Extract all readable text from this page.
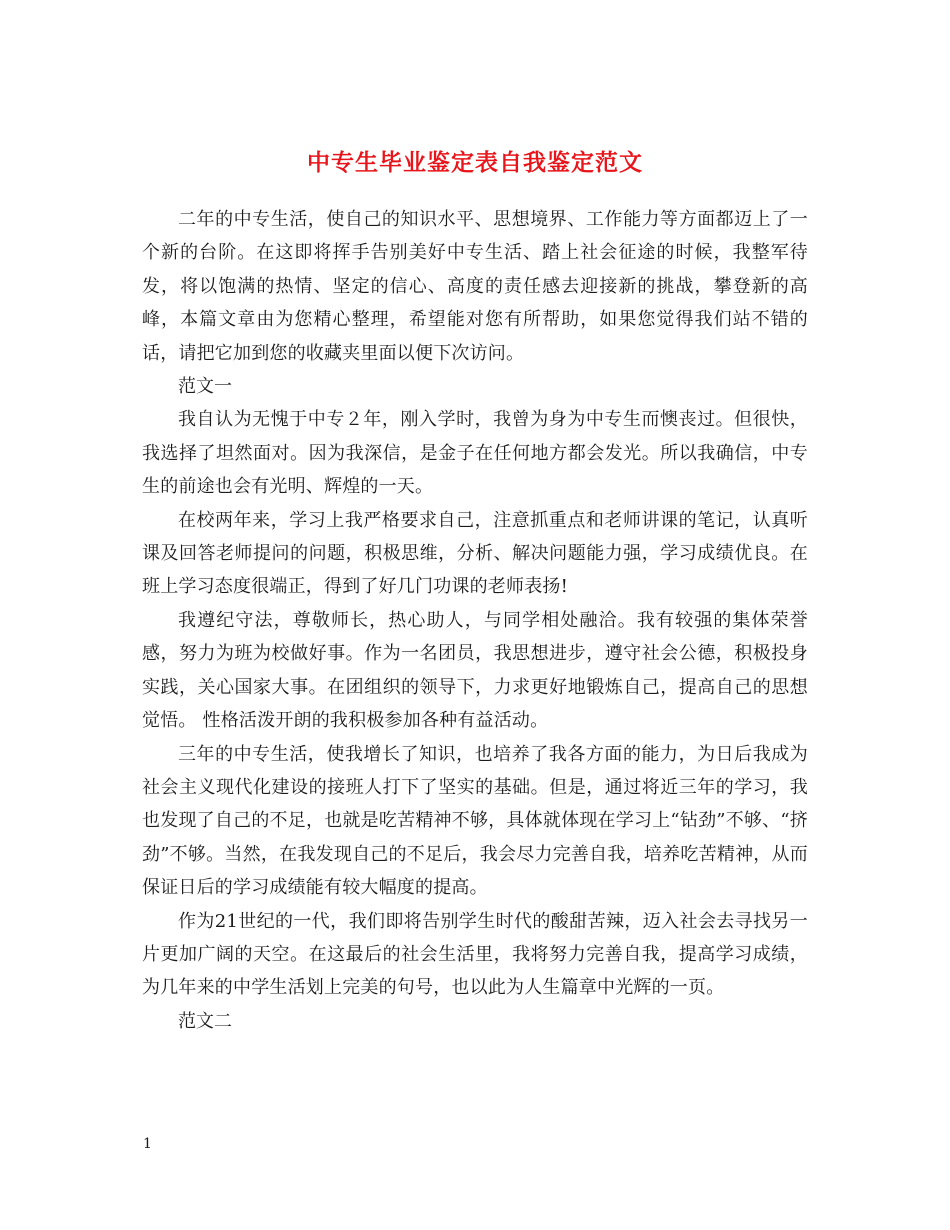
中专生毕业鉴定表自我鉴定范文

二年的中专生活，使自己的知识水平、思想境界、工作能力等方面都迈上了一个新的台阶。在这即将挥手告别美好中专生活、踏上社会征途的时候，我整军待发，将以饱满的热情、坚定的信心、高度的责任感去迎接新的挑战，攀登新的高峰，本篇文章由为您精心整理，希望能对您有所帮助，如果您觉得我们站不错的话，请把它加到您的收藏夹里面以便下次访问。

范文一

我自认为无愧于中专２年，刚入学时，我曾为身为中专生而懊丧过。但很快，我选择了坦然面对。因为我深信，是金子在任何地方都会发光。所以我确信，中专生的前途也会有光明、辉煌的一天。

在校两年来，学习上我严格要求自己，注意抓重点和老师讲课的笔记，认真听课及回答老师提问的问题，积极思维，分析、解决问题能力强，学习成绩优良。在班上学习态度很端正，得到了好几门功课的老师表扬!

我遵纪守法，尊敬师长，热心助人，与同学相处融洽。我有较强的集体荣誉感，努力为班为校做好事。作为一名团员，我思想进步，遵守社会公德，积极投身实践，关心国家大事。在团组织的领导下，力求更好地锻炼自己，提高自己的思想觉悟。 性格活泼开朗的我积极参加各种有益活动。

三年的中专生活，使我增长了知识，也培养了我各方面的能力，为日后我成为社会主义现代化建设的接班人打下了坚实的基础。但是，通过将近三年的学习，我也发现了自己的不足，也就是吃苦精神不够，具体就体现在学习上“钻劲”不够、“挤劲”不够。当然，在我发现自己的不足后，我会尽力完善自我，培养吃苦精神，从而保证日后的学习成绩能有较大幅度的提高。

作为21世纪的一代，我们即将告别学生时代的酸甜苦辣，迈入社会去寻找另一片更加广阔的天空。在这最后的社会生活里，我将努力完善自我，提高学习成绩，为几年来的中学生活划上完美的句号，也以此为人生篇章中光辉的一页。

范文二

1
